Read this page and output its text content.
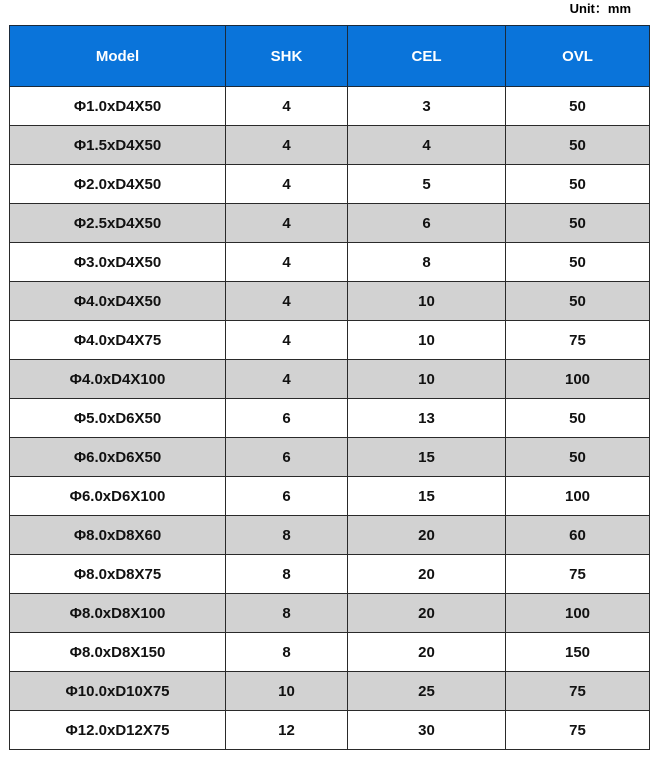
Unit：mm
Model	SHK	CEL	OVL
Φ1.0xD4X50	4	3	50
Φ1.5xD4X50	4	4	50
Φ2.0xD4X50	4	5	50
Φ2.5xD4X50	4	6	50
Φ3.0xD4X50	4	8	50
Φ4.0xD4X50	4	10	50
Φ4.0xD4X75	4	10	75
Φ4.0xD4X100	4	10	100
Φ5.0xD6X50	6	13	50
Φ6.0xD6X50	6	15	50
Φ6.0xD6X100	6	15	100
Φ8.0xD8X60	8	20	60
Φ8.0xD8X75	8	20	75
Φ8.0xD8X100	8	20	100
Φ8.0xD8X150	8	20	150
Φ10.0xD10X75	10	25	75
Φ12.0xD12X75	12	30	75
